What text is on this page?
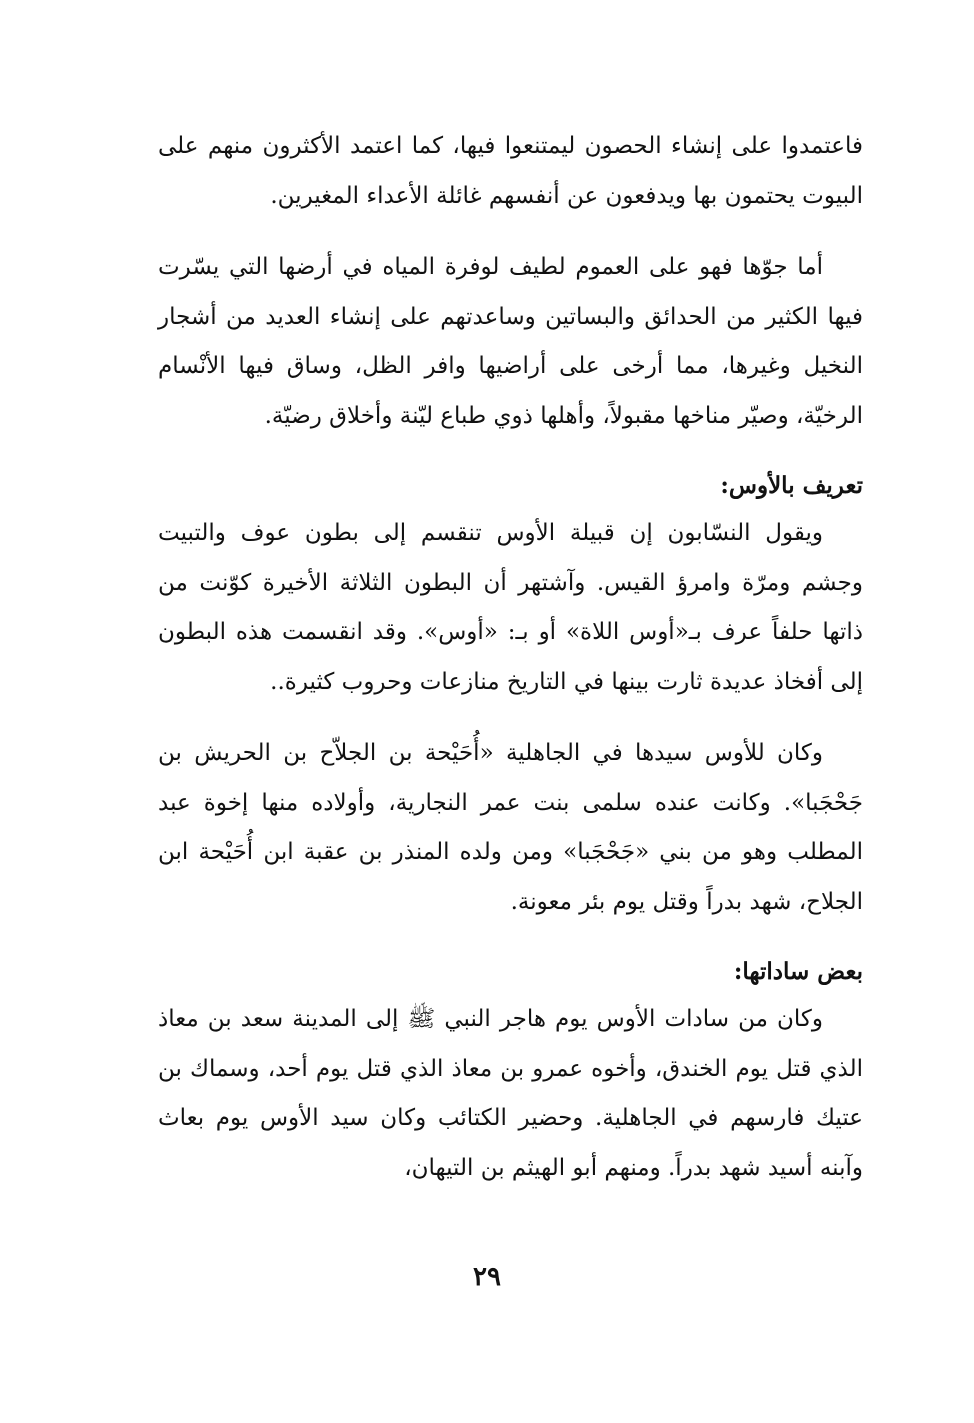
فاعتمدوا على إنشاء الحصون ليمتنعوا فيها، كما اعتمد الأكثرون منهم على البيوت يحتمون بها ويدفعون عن أنفسهم غائلة الأعداء المغيرين.

أما جوّها فهو على العموم لطيف لوفرة المياه في أرضها التي يسّرت فيها الكثير من الحدائق والبساتين وساعدتهم على إنشاء العديد من أشجار النخيل وغيرها، مما أرخى على أراضيها وافر الظل، وساق فيها الأنْسام الرخيّة، وصيّر مناخها مقبولاً، وأهلها ذوي طباع ليّنة وأخلاق رضيّة.

تعريف بالأوس:

ويقول النسّابون إن قبيلة الأوس تنقسم إلى بطون عوف والتبيت وجشم ومرّة وامرؤ القيس. وآشتهر أن البطون الثلاثة الأخيرة كوّنت من ذاتها حلفاً عرف بـ«أوس اللاة» أو بـ: «أوس». وقد انقسمت هذه البطون إلى أفخاذ عديدة ثارت بينها في التاريخ منازعات وحروب كثيرة..

وكان للأوس سيدها في الجاهلية «أُحَيْحة بن الجلاّح بن الحريش بن جَحْجَبا». وكانت عنده سلمى بنت عمر النجارية، وأولاده منها إخوة عبد المطلب وهو من بني «جَحْجَبا» ومن ولده المنذر بن عقبة ابن أُحَيْحة ابن الجلاح، شهد بدراً وقتل يوم بئر معونة.

بعض ساداتها:

وكان من سادات الأوس يوم هاجر النبي ﷺ إلى المدينة سعد بن معاذ الذي قتل يوم الخندق، وأخوه عمرو بن معاذ الذي قتل يوم أحد، وسماك بن عتيك فارسهم في الجاهلية. وحضير الكتائب وكان سيد الأوس يوم بعاث وآبنه أسيد شهد بدراً. ومنهم أبو الهيثم بن التيهان،

٢٩
